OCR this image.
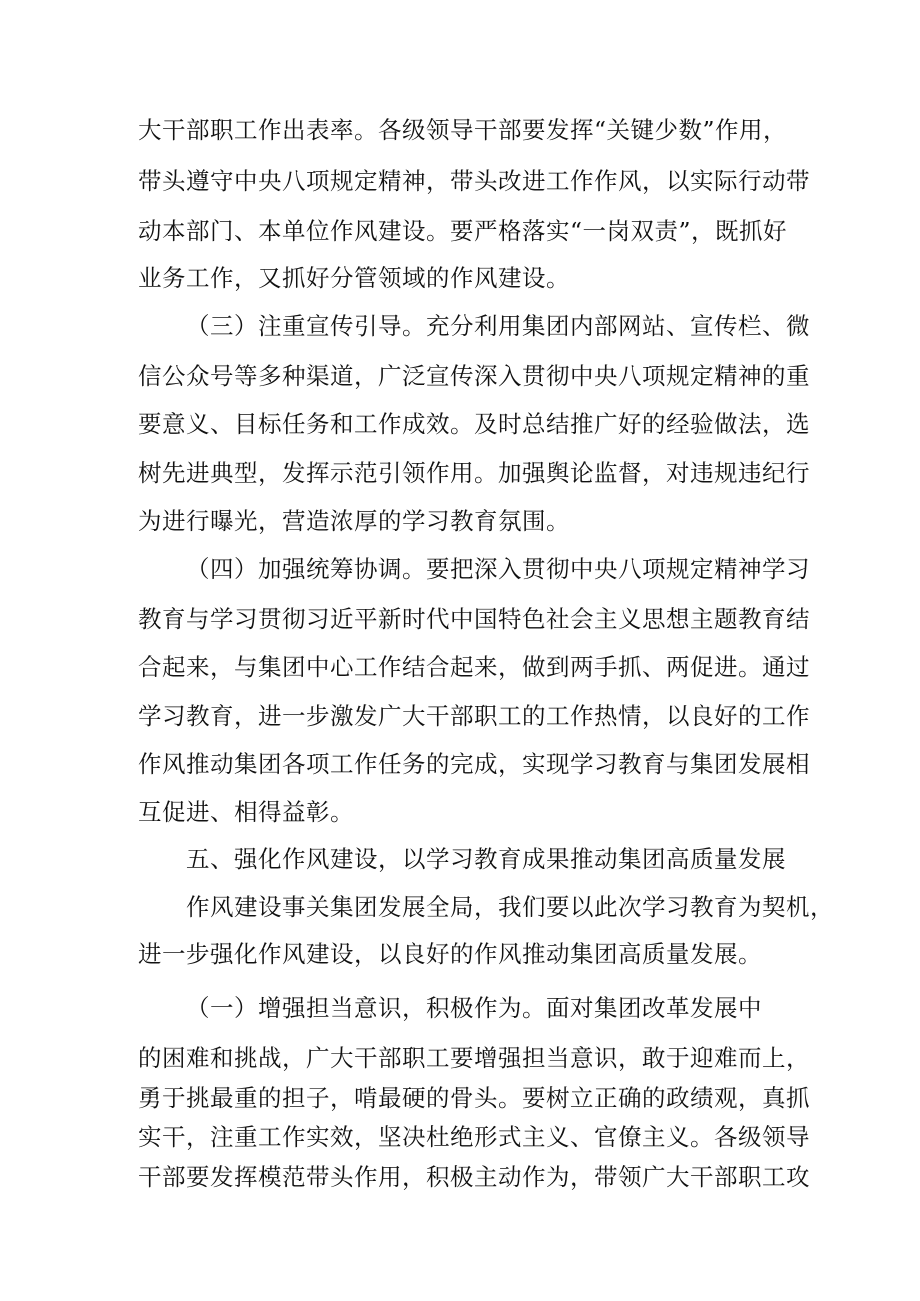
大干部职工作出表率。各级领导干部要发挥“关键少数”作用，
带头遵守中央八项规定精神，带头改进工作作风，以实际行动带
动本部门、本单位作风建设。要严格落实“一岗双责”，既抓好
业务工作，又抓好分管领域的作风建设。
（三）注重宣传引导。充分利用集团内部网站、宣传栏、微
信公众号等多种渠道，广泛宣传深入贯彻中央八项规定精神的重
要意义、目标任务和工作成效。及时总结推广好的经验做法，选
树先进典型，发挥示范引领作用。加强舆论监督，对违规违纪行
为进行曝光，营造浓厚的学习教育氛围。
（四）加强统筹协调。要把深入贯彻中央八项规定精神学习
教育与学习贯彻习近平新时代中国特色社会主义思想主题教育结
合起来，与集团中心工作结合起来，做到两手抓、两促进。通过
学习教育，进一步激发广大干部职工的工作热情，以良好的工作
作风推动集团各项工作任务的完成，实现学习教育与集团发展相
互促进、相得益彰。
五、强化作风建设，以学习教育成果推动集团高质量发展
作风建设事关集团发展全局，我们要以此次学习教育为契机，
进一步强化作风建设，以良好的作风推动集团高质量发展。
（一）增强担当意识，积极作为。面对集团改革发展中
的困难和挑战，广大干部职工要增强担当意识，敢于迎难而上，
勇于挑最重的担子，啃最硬的骨头。要树立正确的政绩观，真抓
实干，注重工作实效，坚决杜绝形式主义、官僚主义。各级领导
干部要发挥模范带头作用，积极主动作为，带领广大干部职工攻
